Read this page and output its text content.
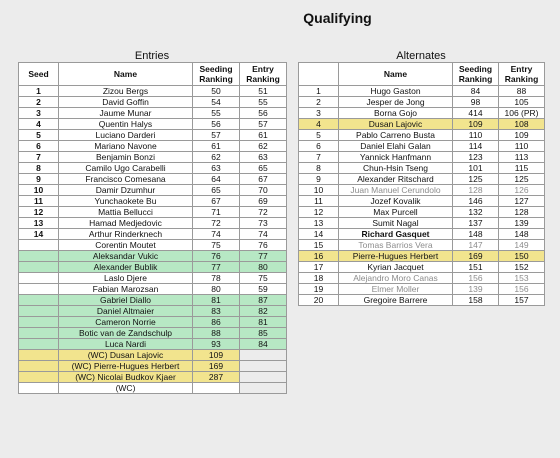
Qualifying
Entries	Alternates
Seed	Name	Seeding Ranking	Entry Ranking
1	Zizou Bergs	50	51
2	David Goffin	54	55
3	Jaume Munar	55	56
4	Quentin Halys	56	57
5	Luciano Darderi	57	61
6	Mariano Navone	61	62
7	Benjamin Bonzi	62	63
8	Camilo Ugo Carabelli	63	65
9	Francisco Comesana	64	67
10	Damir Dzumhur	65	70
11	Yunchaokete Bu	67	69
12	Mattia Bellucci	71	72
13	Hamad Medjedovic	72	73
14	Arthur Rinderknech	74	74
	Corentin Moutet	75	76
	Aleksandar Vukic	76	77
	Alexander Bublik	77	80
	Laslo Djere	78	75
	Fabian Marozsan	80	59
	Gabriel Diallo	81	87
	Daniel Altmaier	83	82
	Cameron Norrie	86	81
	Botic van de Zandschulp	88	85
	Luca Nardi	93	84
	(WC) Dusan Lajovic	109	
	(WC) Pierre-Hugues Herbert	169	
	(WC) Nicolai Budkov Kjaer	287	
	(WC)		
	Name	Seeding Ranking	Entry Ranking
1	Hugo Gaston	84	88
2	Jesper de Jong	98	105
3	Borna Gojo	414	106 (PR)
4	Dusan Lajovic	109	108
5	Pablo Carreno Busta	110	109
6	Daniel Elahi Galan	114	110
7	Yannick Hanfmann	123	113
8	Chun-Hsin Tseng	101	115
9	Alexander Ritschard	125	125
10	Juan Manuel Cerundolo	128	126
11	Jozef Kovalik	146	127
12	Max Purcell	132	128
13	Sumit Nagal	137	139
14	Richard Gasquet	148	148
15	Tomas Barrios Vera	147	149
16	Pierre-Hugues Herbert	169	150
17	Kyrian Jacquet	151	152
18	Alejandro Moro Canas	156	153
19	Elmer Moller	139	156
20	Gregoire Barrere	158	157
